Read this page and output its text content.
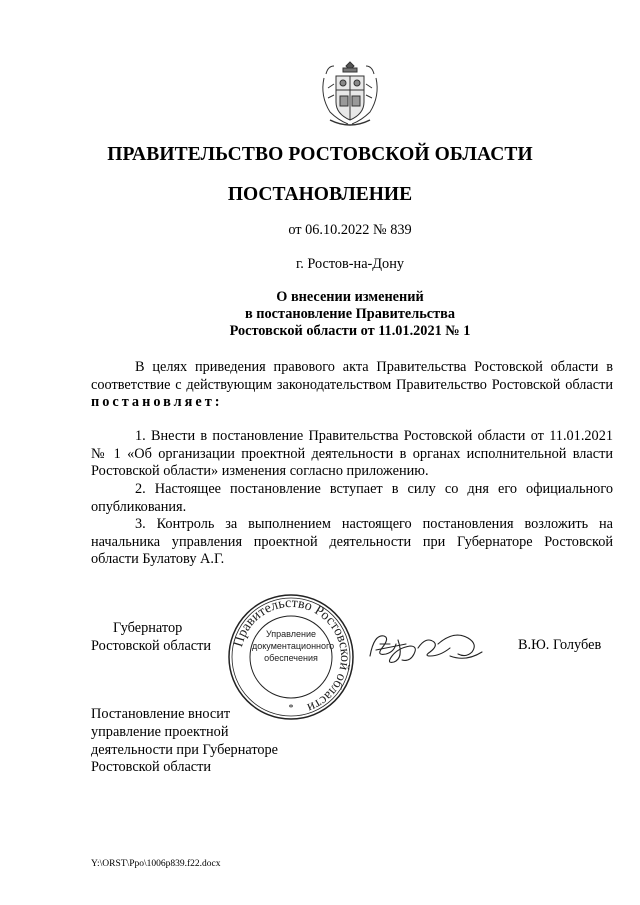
ПРАВИТЕЛЬСТВО РОСТОВСКОЙ ОБЛАСТИ
ПОСТАНОВЛЕНИЕ
от 06.10.2022 № 839
г. Ростов-на-Дону
О внесении изменений
в постановление Правительства
Ростовской области от 11.01.2021 № 1
В целях приведения правового акта Правительства Ростовской области в соответствие с действующим законодательством Правительство Ростовской области постановляет:
1. Внести в постановление Правительства Ростовской области от 11.01.2021 № 1 «Об организации проектной деятельности в органах исполнительной власти Ростовской области» изменения согласно приложению.
2. Настоящее постановление вступает в силу со дня его официального опубликования.
3. Контроль за выполнением настоящего постановления возложить на начальника управления проектной деятельности при Губернаторе Ростовской области Булатову А.Г.
Губернатор
Ростовской области Правительство Ростовской области
*
Управление
документационного
обеспечения
В.Ю. Голубев
Постановление вносит
управление проектной
деятельности при Губернаторе
Ростовской области
Y:\ORST\Ppo\1006p839.f22.docx
